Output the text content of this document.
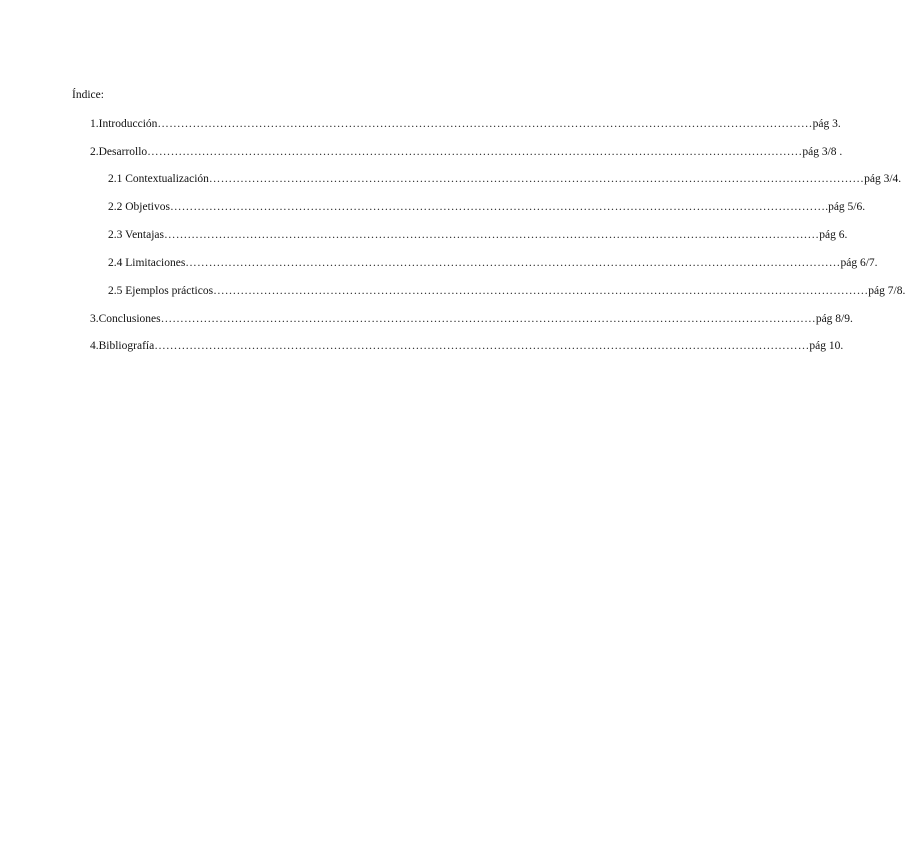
Índice:
1. Introducción …………………………………………………………………………………………………………………………………………………… pág 3.
2. Desarrollo …………………………………………………………………………………………………………………………………………………… pág 3/8 .
2.1 Contextualización …………………………………………………………………………………………………………………………………………………… pág 3/4.
2.2 Objetivos …………………………………………………………………………………………………………………………………………………… .pág 5/6.
2.3 Ventajas …………………………………………………………………………………………………………………………………………………… pág 6.
2.4 Limitaciones …………………………………………………………………………………………………………………………………………………… pág 6/7.
2.5 Ejemplos prácticos …………………………………………………………………………………………………………………………………………………… pág 7/8.
3. Conclusiones …………………………………………………………………………………………………………………………………………………… pág 8/9.
4. Bibliografía …………………………………………………………………………………………………………………………………………………… pág 10.
